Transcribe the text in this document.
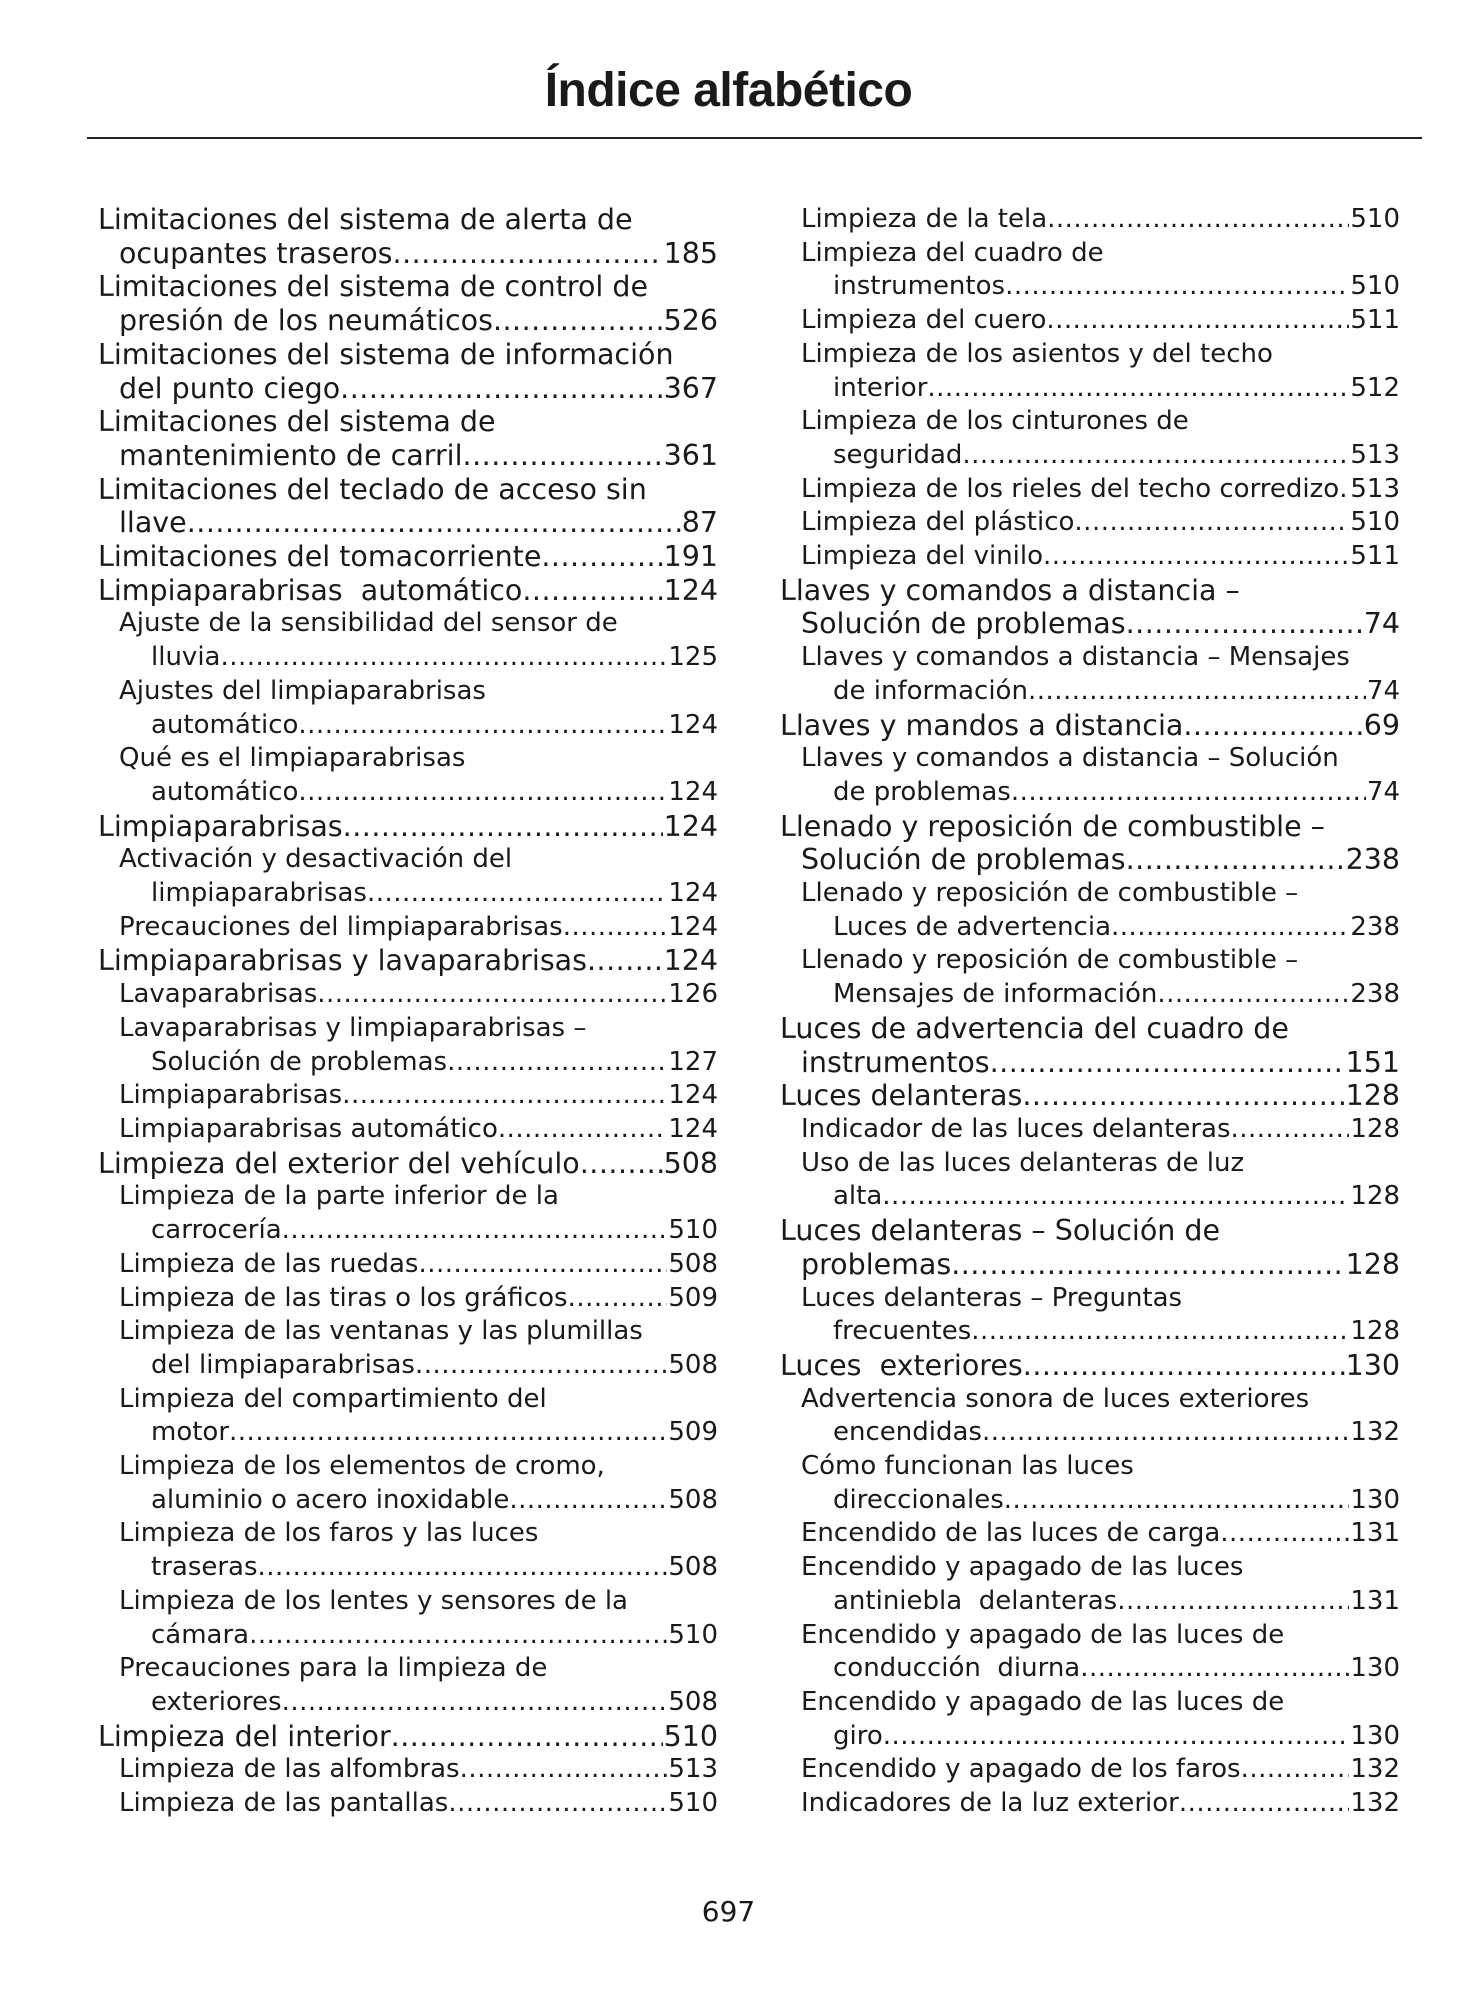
Índice alfabético
Limitaciones del sistema de alerta de
ocupantes traseros .....	185
Limitaciones del sistema de control de
presión de los neumáticos .....	526
Limitaciones del sistema de información
del punto ciego .....	367
Limitaciones del sistema de
mantenimiento de carril .....	361
Limitaciones del teclado de acceso sin
llave .....	87
Limitaciones del tomacorriente .....	191
Limpiaparabrisas  automático .....	124
Ajuste de la sensibilidad del sensor de
lluvia .....	125
Ajustes del limpiaparabrisas
automático .....	124
Qué es el limpiaparabrisas
automático .....	124
Limpiaparabrisas .....	124
Activación y desactivación del
limpiaparabrisas .....	124
Precauciones del limpiaparabrisas .....	124
Limpiaparabrisas y lavaparabrisas .....	124
Lavaparabrisas .....	126
Lavaparabrisas y limpiaparabrisas –
Solución de problemas .....	127
Limpiaparabrisas .....	124
Limpiaparabrisas automático .....	124
Limpieza del exterior del vehículo .....	508
Limpieza de la parte inferior de la
carrocería .....	510
Limpieza de las ruedas .....	508
Limpieza de las tiras o los gráficos .....	509
Limpieza de las ventanas y las plumillas
del limpiaparabrisas .....	508
Limpieza del compartimiento del
motor .....	509
Limpieza de los elementos de cromo,
aluminio o acero inoxidable .....	508
Limpieza de los faros y las luces
traseras .....	508
Limpieza de los lentes y sensores de la
cámara .....	510
Precauciones para la limpieza de
exteriores .....	508
Limpieza del interior .....	510
Limpieza de las alfombras .....	513
Limpieza de las pantallas .....	510
Limpieza de la tela .....	510
Limpieza del cuadro de
instrumentos .....	510
Limpieza del cuero .....	511
Limpieza de los asientos y del techo
interior .....	512
Limpieza de los cinturones de
seguridad .....	513
Limpieza de los rieles del techo corredizo ..... 513
Limpieza del plástico .....	510
Limpieza del vinilo .....	511
Llaves y comandos a distancia –
Solución de problemas .....	74
Llaves y comandos a distancia – Mensajes
de información .....	74
Llaves y mandos a distancia .....	69
Llaves y comandos a distancia – Solución
de problemas .....	74
Llenado y reposición de combustible –
Solución de problemas .....	238
Llenado y reposición de combustible –
Luces de advertencia .....	238
Llenado y reposición de combustible –
Mensajes de información .....	238
Luces de advertencia del cuadro de
instrumentos .....	151
Luces delanteras .....	128
Indicador de las luces delanteras .....	128
Uso de las luces delanteras de luz
alta .....	128
Luces delanteras – Solución de
problemas .....	128
Luces delanteras – Preguntas
frecuentes .....	128
Luces  exteriores .....	130
Advertencia sonora de luces exteriores
encendidas .....	132
Cómo funcionan las luces
direccionales .....	130
Encendido de las luces de carga .....	131
Encendido y apagado de las luces
antiniebla  delanteras .....	131
Encendido y apagado de las luces de
conducción  diurna .....	130
Encendido y apagado de las luces de
giro .....	130
Encendido y apagado de los faros .....	132
Indicadores de la luz exterior .....	132
697
